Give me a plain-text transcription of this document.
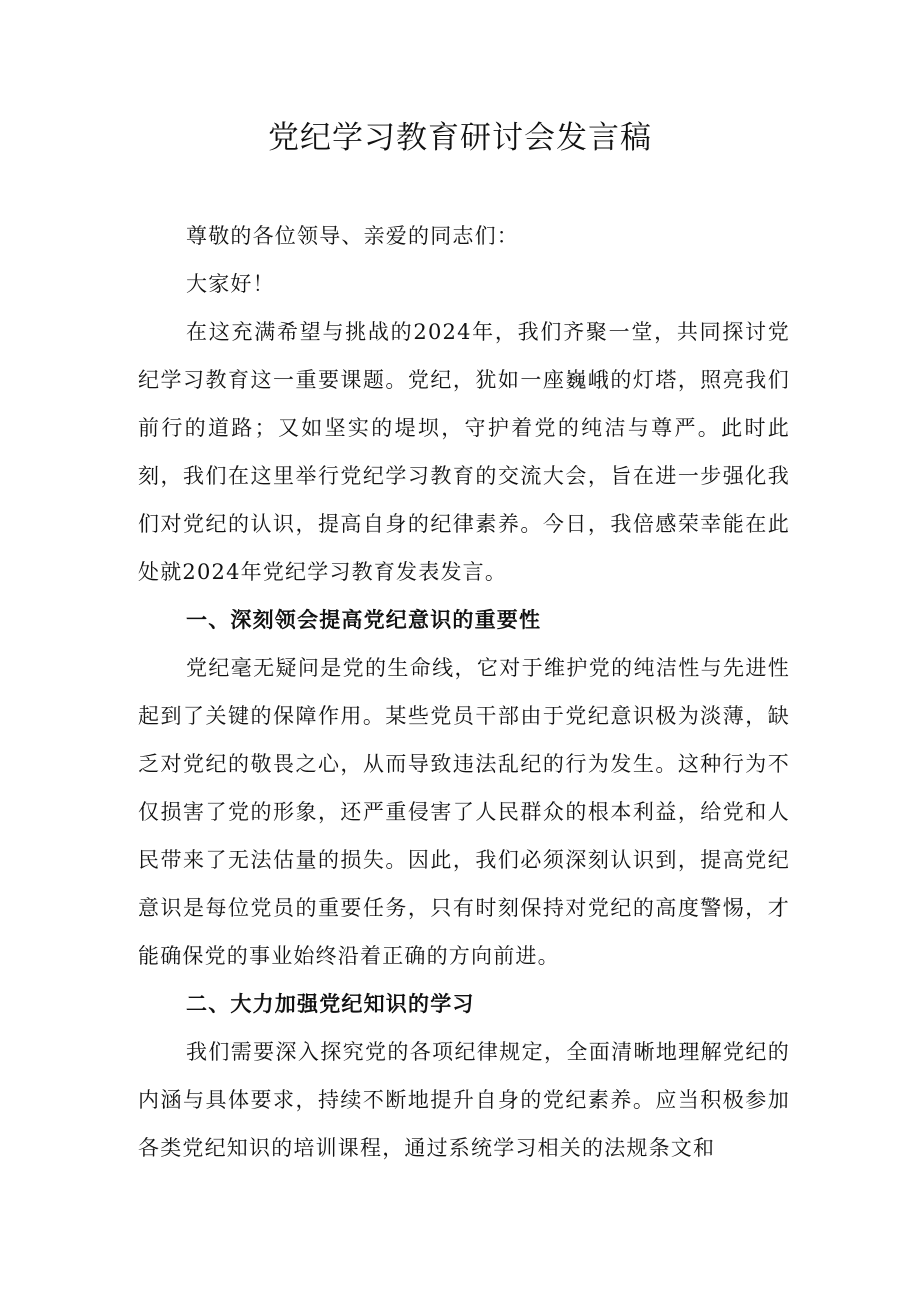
党纪学习教育研讨会发言稿

尊敬的各位领导、亲爱的同志们：

大家好！

在这充满希望与挑战的2024年，我们齐聚一堂，共同探讨党纪学习教育这一重要课题。党纪，犹如一座巍峨的灯塔，照亮我们前行的道路；又如坚实的堤坝，守护着党的纯洁与尊严。此时此刻，我们在这里举行党纪学习教育的交流大会，旨在进一步强化我们对党纪的认识，提高自身的纪律素养。今日，我倍感荣幸能在此处就2024年党纪学习教育发表发言。

一、深刻领会提高党纪意识的重要性

党纪毫无疑问是党的生命线，它对于维护党的纯洁性与先进性起到了关键的保障作用。某些党员干部由于党纪意识极为淡薄，缺乏对党纪的敬畏之心，从而导致违法乱纪的行为发生。这种行为不仅损害了党的形象，还严重侵害了人民群众的根本利益，给党和人民带来了无法估量的损失。因此，我们必须深刻认识到，提高党纪意识是每位党员的重要任务，只有时刻保持对党纪的高度警惕，才能确保党的事业始终沿着正确的方向前进。

二、大力加强党纪知识的学习

我们需要深入探究党的各项纪律规定，全面清晰地理解党纪的内涵与具体要求，持续不断地提升自身的党纪素养。应当积极参加各类党纪知识的培训课程，通过系统学习相关的法规条文和
